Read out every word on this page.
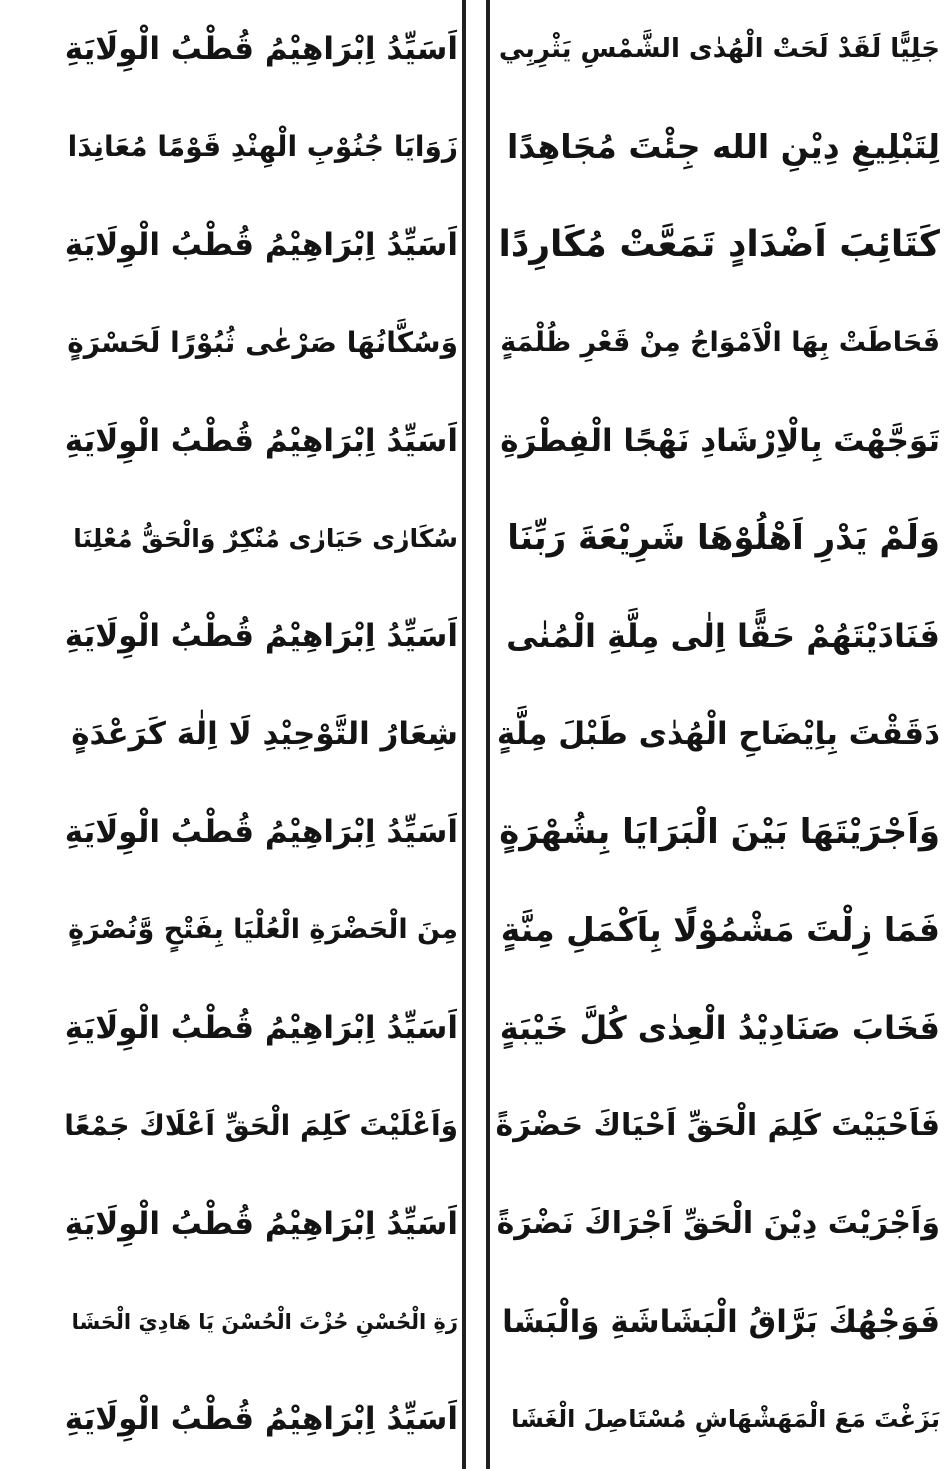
جَلِيًّا لَقَدْ لَحَتْ الْهُدٰى الشَّمْسِ يَثْرِبِي
لِتَبْلِيغِ دِيْنِ الله جِئْتَ مُجَاهِدًا
كَتَائِبَ اَضْدَادٍ تَمَعَّتْ مُكَارِدًا
فَحَاطَتْ بِهَا الْاَمْوَاجُ مِنْ قَعْرِ ظُلْمَةٍ
تَوَجَّهْتَ بِالْاِرْشَادِ نَهْجًا الْفِطْرَةِ
وَلَمْ يَدْرِ اَهْلُوْهَا شَرِيْعَةَ رَبِّنَا
فَنَادَيْتَهُمْ حَقًّا اِلٰى مِلَّةِ الْمُنٰى
دَقَقْتَ بِاِيْضَاحِ الْهُدٰى طَبْلَ مِلَّةٍ
وَاَجْرَيْتَهَا بَيْنَ الْبَرَايَا بِشُهْرَةٍ
فَمَا زِلْتَ مَشْمُوْلًا بِاَكْمَلِ مِنَّةٍ
فَخَابَ صَنَادِيْدُ الْعِدٰى كُلَّ خَيْبَةٍ
فَاَحْيَيْتَ كَلِمَ الْحَقِّ اَحْيَاكَ حَضْرَةً
وَاَجْرَيْتَ دِيْنَ الْحَقِّ اَجْرَاكَ نَضْرَةً
فَوَجْهُكَ بَرَّاقُ الْبَشَاشَةِ وَالْبَشَا
بَزَغْتَ مَعَ الْمَهَشْهَاشِ مُسْتَاصِلَ الْغَشَا
اَسَيِّدُ اِبْرَاهِيْمُ قُطْبُ الْوِلَايَةِ
زَوَايَا جُنُوْبِ الْهِنْدِ قَوْمًا مُعَانِدَا
اَسَيِّدُ اِبْرَاهِيْمُ قُطْبُ الْوِلَايَةِ
وَسُكَّانُهَا صَرْعٰى ثُبُوْرًا لَحَسْرَةٍ
اَسَيِّدُ اِبْرَاهِيْمُ قُطْبُ الْوِلَايَةِ
سُكَارٰى حَيَارٰى مُنْكِرٌ وَالْحَقُّ مُعْلِنَا
اَسَيِّدُ اِبْرَاهِيْمُ قُطْبُ الْوِلَايَةِ
شِعَارُ التَّوْحِيْدِ لَا اِلٰهَ كَرَعْدَةٍ
اَسَيِّدُ اِبْرَاهِيْمُ قُطْبُ الْوِلَايَةِ
مِنَ الْحَضْرَةِ الْعُلْيَا بِفَتْحٍ وَّنُصْرَةٍ
اَسَيِّدُ اِبْرَاهِيْمُ قُطْبُ الْوِلَايَةِ
وَاَعْلَيْتَ كَلِمَ الْحَقِّ اَعْلَاكَ جَمْعًا
اَسَيِّدُ اِبْرَاهِيْمُ قُطْبُ الْوِلَايَةِ
رَةِ الْحُسْنِ حُزْتَ الْحُسْنَ يَا هَادِيَ الْحَشَا
اَسَيِّدُ اِبْرَاهِيْمُ قُطْبُ الْوِلَايَةِ
